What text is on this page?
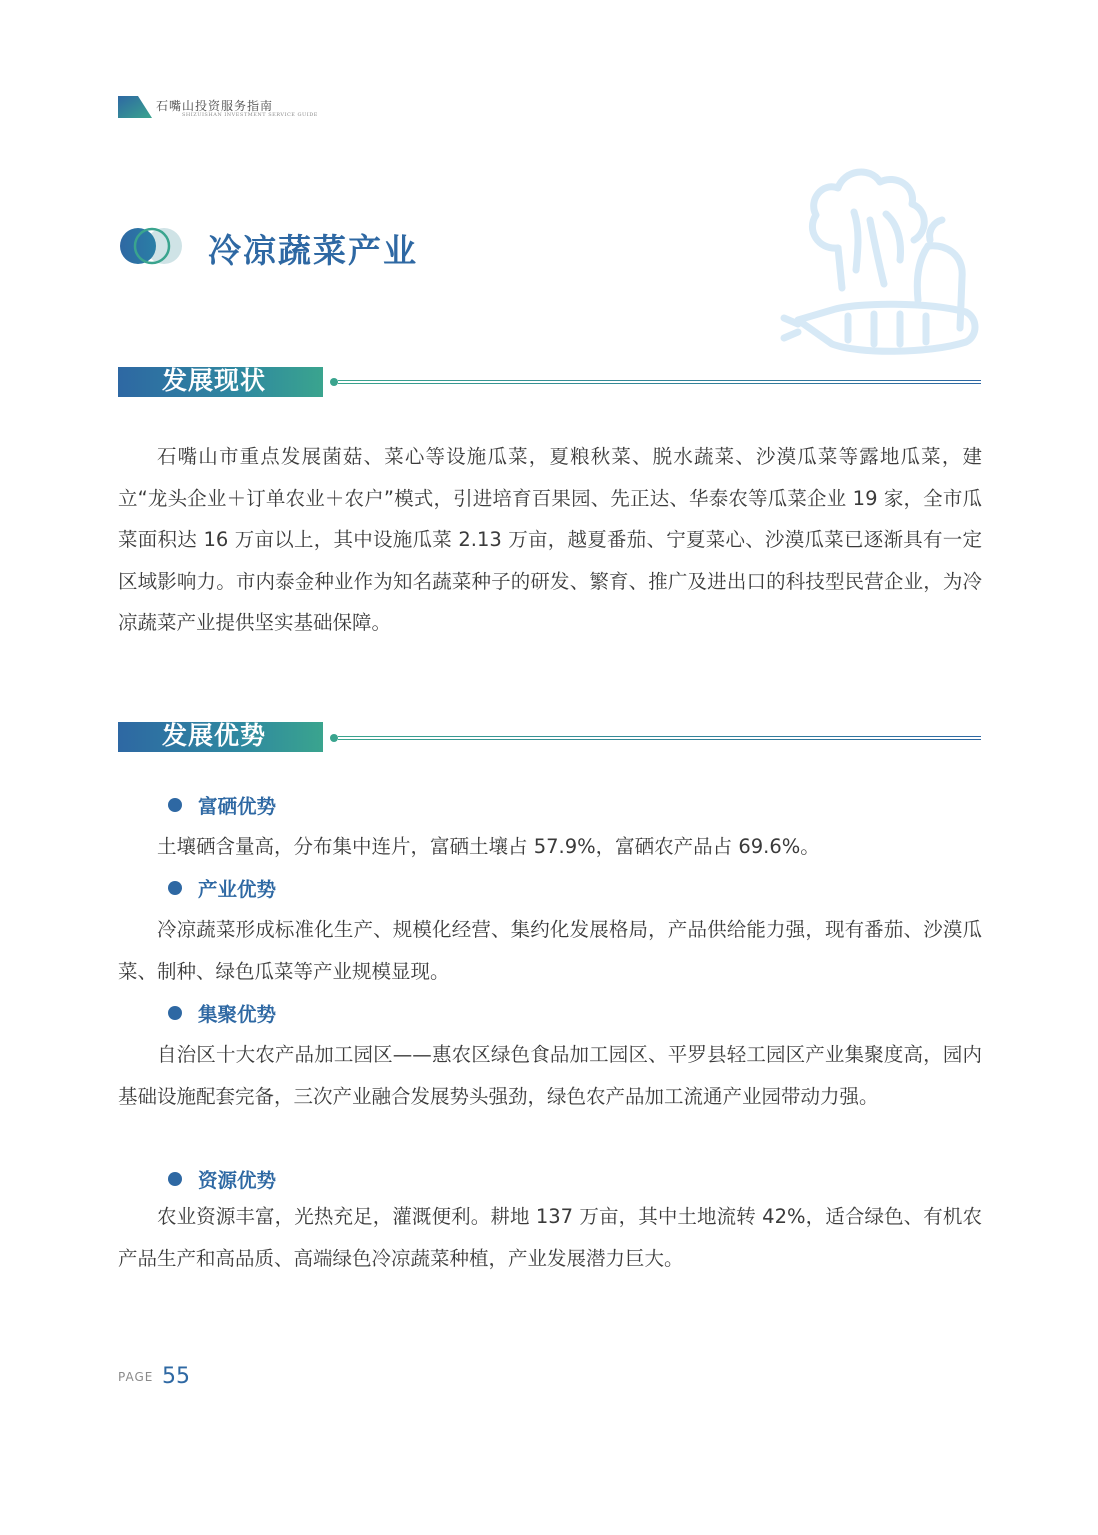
石嘴山投资服务指南
SHIZUISHAN INVESTMENT SERVICE GUIDE
冷凉蔬菜产业
发展现状
石嘴山市重点发展菌菇、菜心等设施瓜菜，夏粮秋菜、脱水蔬菜、沙漠瓜菜等露地瓜菜，建立“龙头企业＋订单农业＋农户”模式，引进培育百果园、先正达、华泰农等瓜菜企业 19 家，全市瓜菜面积达 16 万亩以上，其中设施瓜菜 2.13 万亩，越夏番茄、宁夏菜心、沙漠瓜菜已逐渐具有一定区域影响力。市内泰金种业作为知名蔬菜种子的研发、繁育、推广及进出口的科技型民营企业，为冷凉蔬菜产业提供坚实基础保障。
发展优势
富硒优势
土壤硒含量高，分布集中连片，富硒土壤占 57.9%，富硒农产品占 69.6%。
产业优势
冷凉蔬菜形成标准化生产、规模化经营、集约化发展格局，产品供给能力强，现有番茄、沙漠瓜菜、制种、绿色瓜菜等产业规模显现。
集聚优势
自治区十大农产品加工园区——惠农区绿色食品加工园区、平罗县轻工园区产业集聚度高，园内基础设施配套完备，三次产业融合发展势头强劲，绿色农产品加工流通产业园带动力强。
资源优势
农业资源丰富，光热充足，灌溉便利。耕地 137 万亩，其中土地流转 42%，适合绿色、有机农产品生产和高品质、高端绿色冷凉蔬菜种植，产业发展潜力巨大。
PAGE 55
